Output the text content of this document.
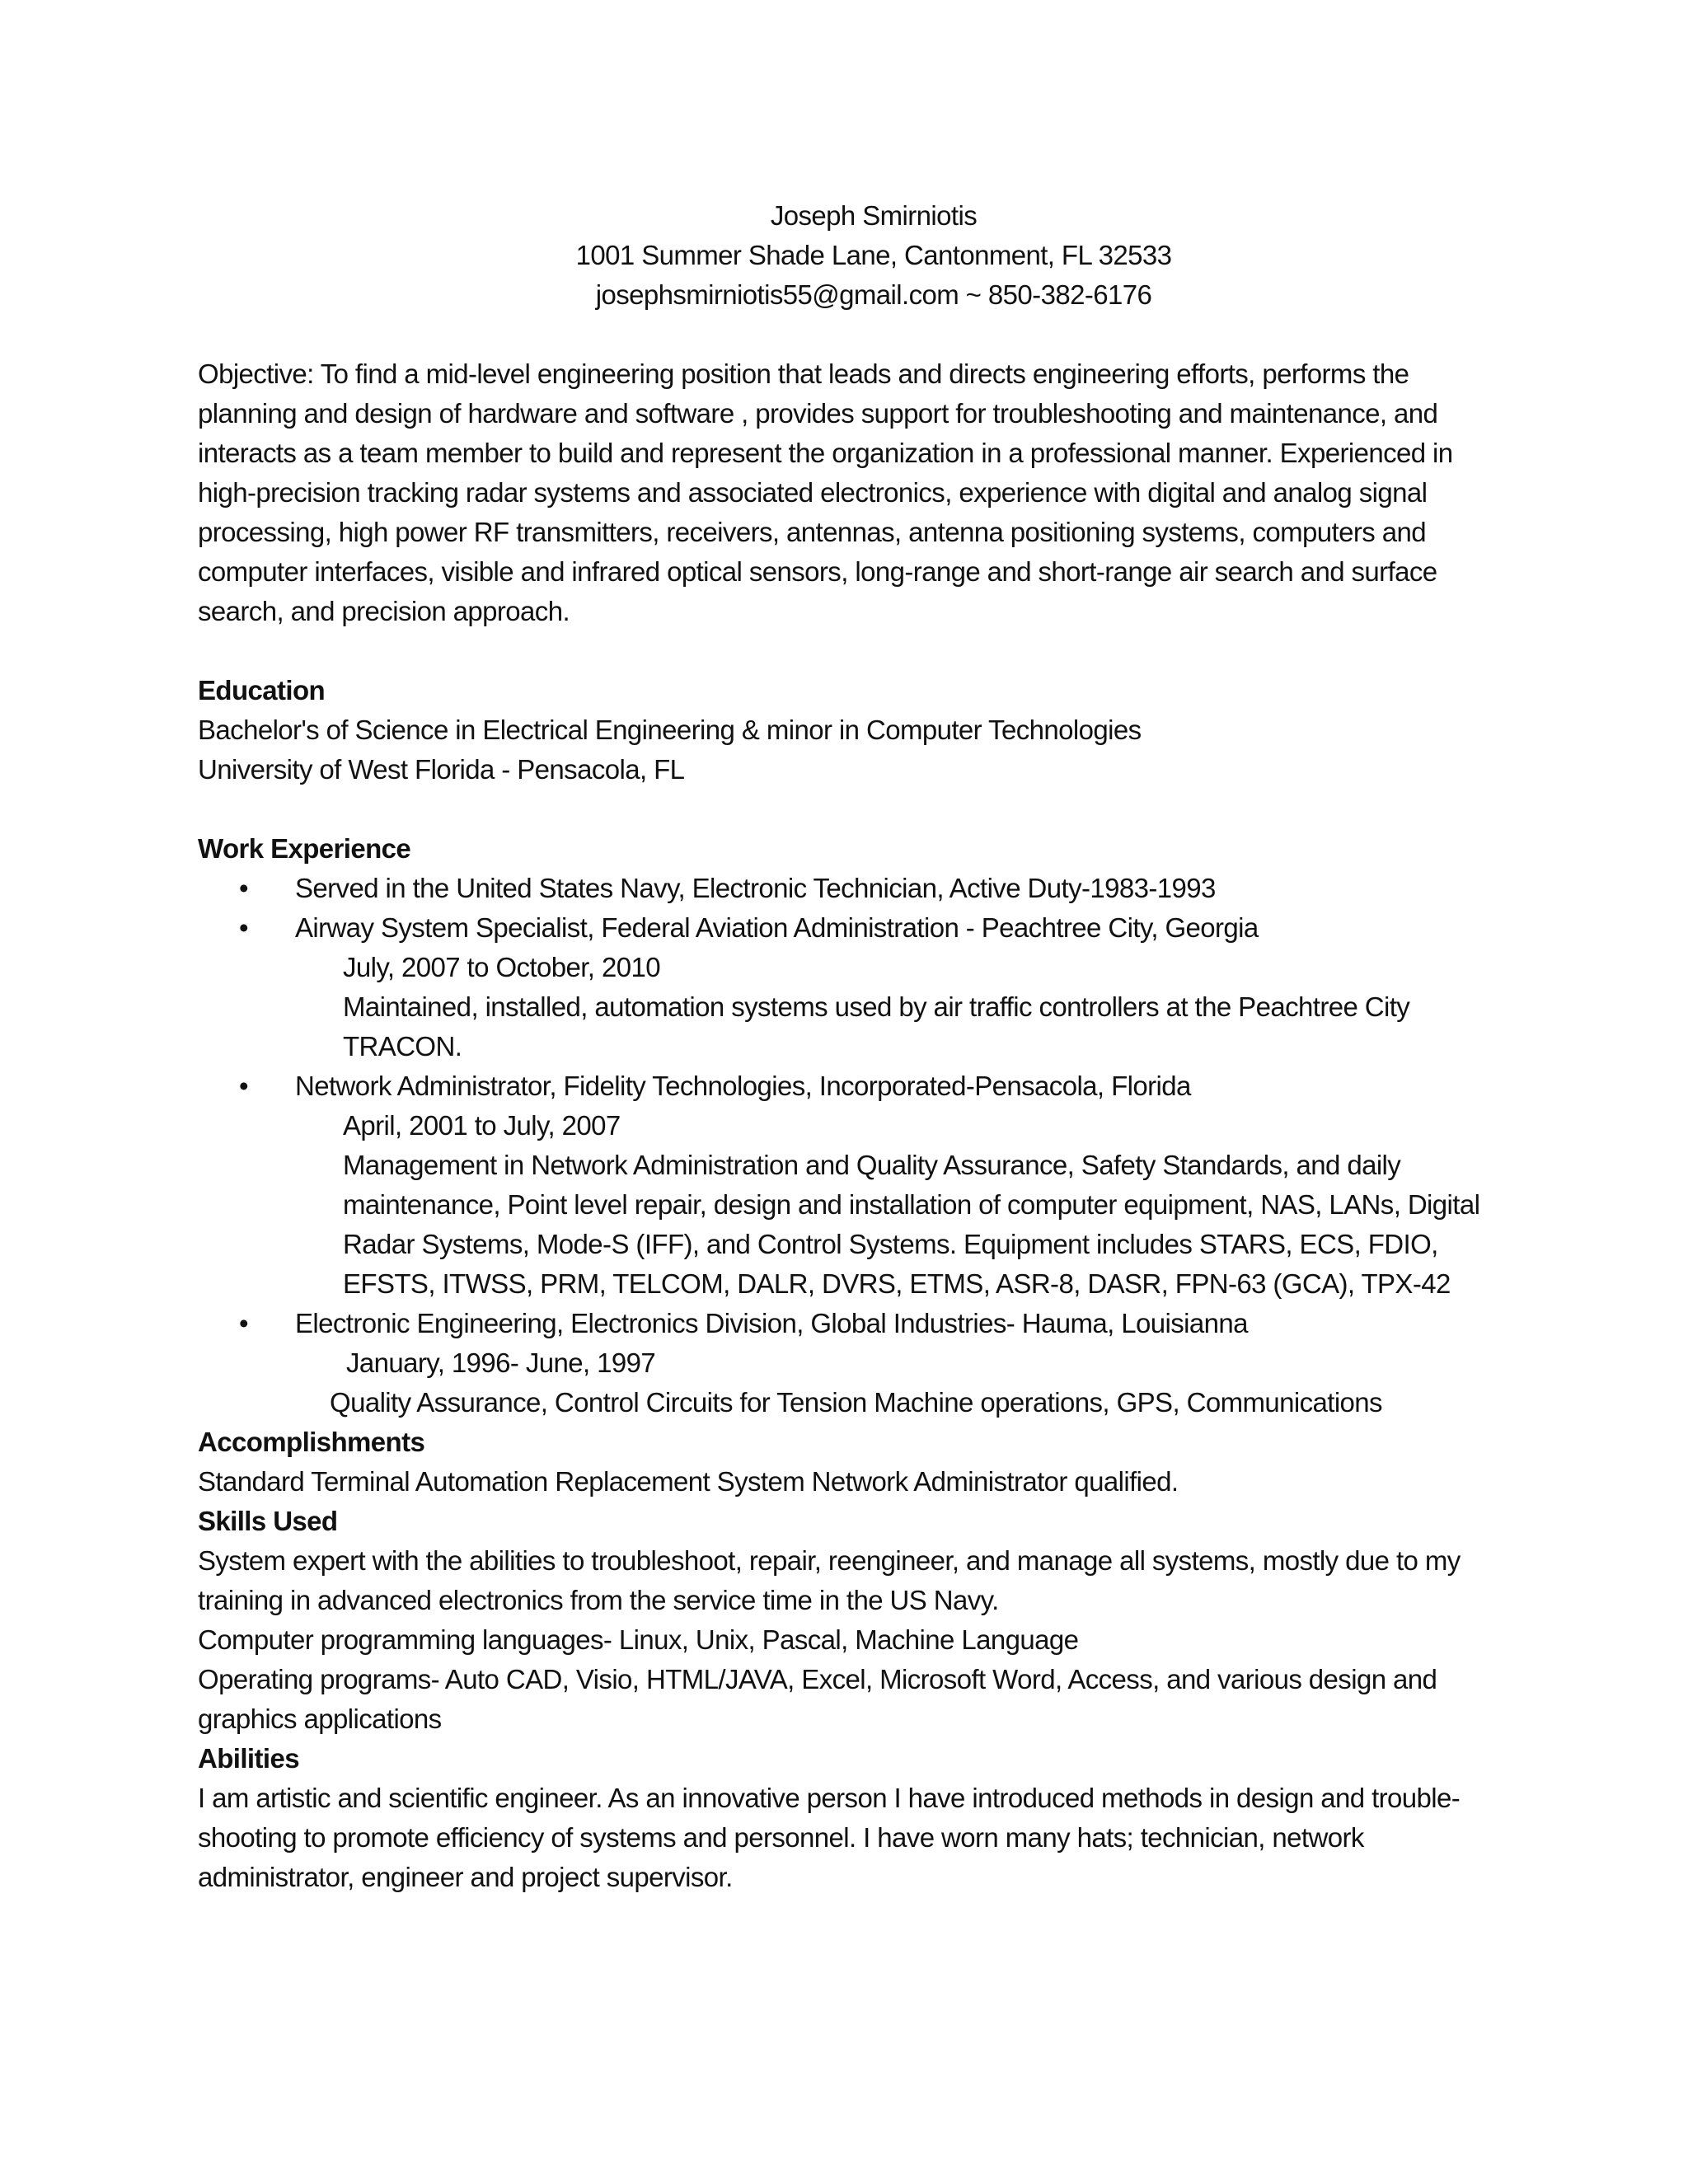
Joseph Smirniotis
1001 Summer Shade Lane, Cantonment, FL 32533
josephsmirniotis55@gmail.com ~ 850-382-6176

Objective: To find a mid-level engineering position that leads and directs engineering efforts, performs the planning and design of hardware and software , provides support for troubleshooting and maintenance, and interacts as a team member to build and represent the organization in a professional manner. Experienced in high-precision tracking radar systems and associated electronics, experience with digital and analog signal processing, high power RF transmitters, receivers, antennas, antenna positioning systems, computers and computer interfaces, visible and infrared optical sensors, long-range and short-range air search and surface search, and precision approach.

Education

Bachelor's of Science in Electrical Engineering & minor in Computer Technologies

University of West Florida - Pensacola, FL

Work Experience

• Served in the United States Navy, Electronic Technician, Active Duty-1983-1993
• Airway System Specialist, Federal Aviation Administration - Peachtree City, Georgia
July, 2007 to October, 2010
Maintained, installed, automation systems used by air traffic controllers at the Peachtree City TRACON.
• Network Administrator, Fidelity Technologies, Incorporated-Pensacola, Florida
April, 2001 to July, 2007
Management in Network Administration and Quality Assurance, Safety Standards, and daily maintenance, Point level repair, design and installation of computer equipment, NAS, LANs, Digital Radar Systems, Mode-S (IFF), and Control Systems. Equipment includes STARS, ECS, FDIO, EFSTS, ITWSS, PRM, TELCOM, DALR, DVRS, ETMS, ASR-8, DASR, FPN-63 (GCA), TPX-42
• Electronic Engineering, Electronics Division, Global Industries- Hauma, Louisianna
January, 1996- June, 1997
Quality Assurance, Control Circuits for Tension Machine operations, GPS, Communications

Accomplishments

Standard Terminal Automation Replacement System Network Administrator qualified.

Skills Used

System expert with the abilities to troubleshoot, repair, reengineer, and manage all systems, mostly due to my training in advanced electronics from the service time in the US Navy.

Computer programming languages- Linux, Unix, Pascal, Machine Language

Operating programs- Auto CAD, Visio, HTML/JAVA, Excel, Microsoft Word, Access, and various design and graphics applications

Abilities

I am artistic and scientific engineer. As an innovative person I have introduced methods in design and trouble-shooting to promote efficiency of systems and personnel. I have worn many hats; technician, network administrator, engineer and project supervisor.
